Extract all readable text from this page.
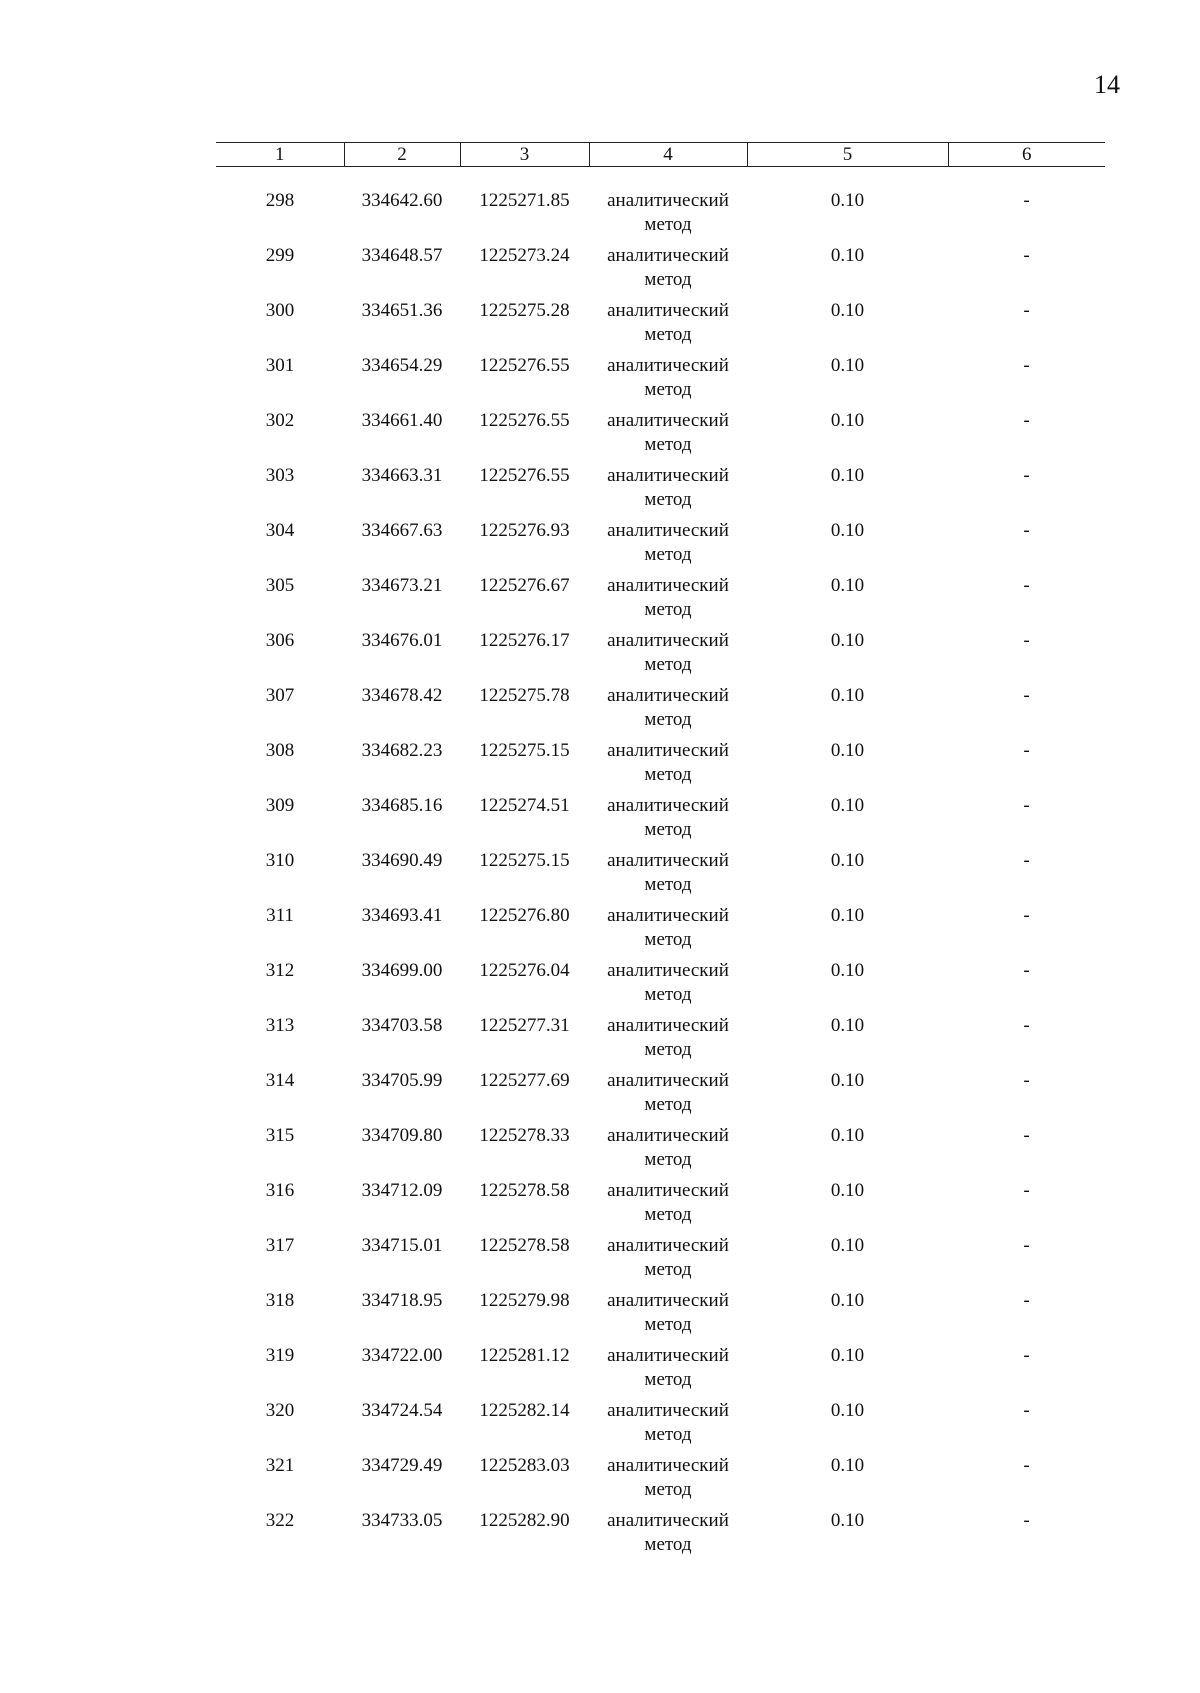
14
1	2	3	4	5	6

298	334642.60	1225271.85	аналитический
метод	0.10	-
299	334648.57	1225273.24	аналитический
метод	0.10	-
300	334651.36	1225275.28	аналитический
метод	0.10	-
301	334654.29	1225276.55	аналитический
метод	0.10	-
302	334661.40	1225276.55	аналитический
метод	0.10	-
303	334663.31	1225276.55	аналитический
метод	0.10	-
304	334667.63	1225276.93	аналитический
метод	0.10	-
305	334673.21	1225276.67	аналитический
метод	0.10	-
306	334676.01	1225276.17	аналитический
метод	0.10	-
307	334678.42	1225275.78	аналитический
метод	0.10	-
308	334682.23	1225275.15	аналитический
метод	0.10	-
309	334685.16	1225274.51	аналитический
метод	0.10	-
310	334690.49	1225275.15	аналитический
метод	0.10	-
311	334693.41	1225276.80	аналитический
метод	0.10	-
312	334699.00	1225276.04	аналитический
метод	0.10	-
313	334703.58	1225277.31	аналитический
метод	0.10	-
314	334705.99	1225277.69	аналитический
метод	0.10	-
315	334709.80	1225278.33	аналитический
метод	0.10	-
316	334712.09	1225278.58	аналитический
метод	0.10	-
317	334715.01	1225278.58	аналитический
метод	0.10	-
318	334718.95	1225279.98	аналитический
метод	0.10	-
319	334722.00	1225281.12	аналитический
метод	0.10	-
320	334724.54	1225282.14	аналитический
метод	0.10	-
321	334729.49	1225283.03	аналитический
метод	0.10	-
322	334733.05	1225282.90	аналитический
метод	0.10	-
